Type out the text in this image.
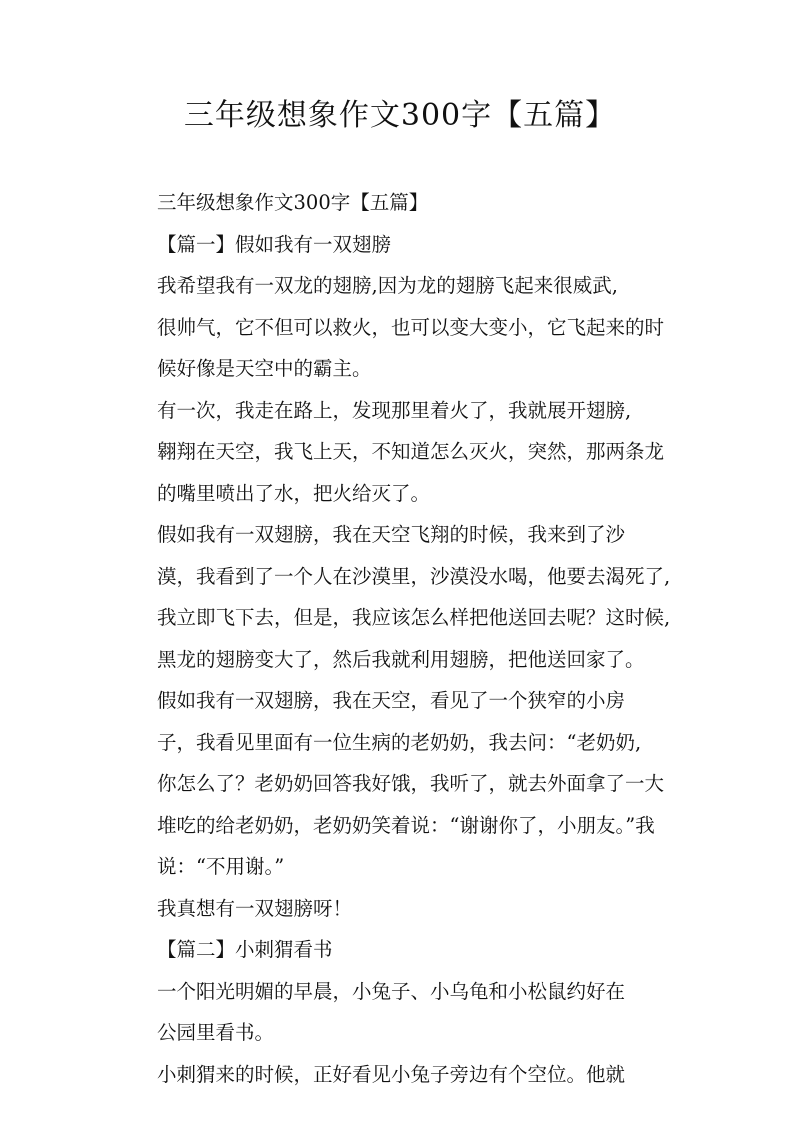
三年级想象作文300字【五篇】

三年级想象作文300字【五篇】

【篇一】假如我有一双翅膀

我希望我有一双龙的翅膀,因为龙的翅膀飞起来很威武,
很帅气，它不但可以救火，也可以变大变小，它飞起来的时
候好像是天空中的霸主。

有一次，我走在路上，发现那里着火了，我就展开翅膀,
翱翔在天空，我飞上天，不知道怎么灭火，突然，那两条龙
的嘴里喷出了水，把火给灭了。

假如我有一双翅膀，我在天空飞翔的时候，我来到了沙
漠，我看到了一个人在沙漠里，沙漠没水喝，他要去渴死了,
我立即飞下去，但是，我应该怎么样把他送回去呢？这时候,
黑龙的翅膀变大了，然后我就利用翅膀，把他送回家了。

假如我有一双翅膀，我在天空，看见了一个狭窄的小房
子，我看见里面有一位生病的老奶奶，我去问：“老奶奶,
你怎么了？老奶奶回答我好饿，我听了，就去外面拿了一大
堆吃的给老奶奶，老奶奶笑着说：“谢谢你了，小朋友。”我
说：“不用谢。”

我真想有一双翅膀呀！

【篇二】小刺猬看书

一个阳光明媚的早晨，小兔子、小乌龟和小松鼠约好在
公园里看书。

小刺猬来的时候，正好看见小兔子旁边有个空位。他就
